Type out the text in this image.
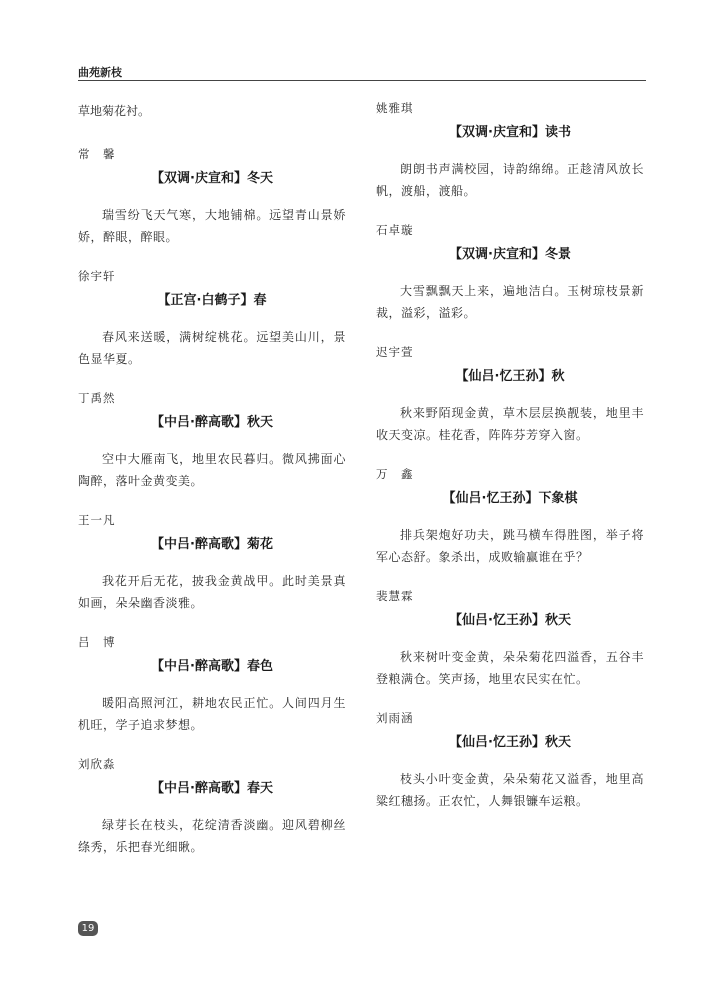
曲苑新枝

草地菊花衬。

常　馨
【双调·庆宣和】冬天

瑞雪纷飞天气寒，大地铺棉。远望青山景娇娇，醉眼，醉眼。

徐宇轩
【正宫·白鹤子】春

春风来送暖，满树绽桃花。远望美山川，景色显华夏。

丁禹然
【中吕·醉高歌】秋天

空中大雁南飞，地里农民暮归。微风拂面心陶醉，落叶金黄变美。

王一凡
【中吕·醉高歌】菊花

我花开后无花，披我金黄战甲。此时美景真如画，朵朵幽香淡雅。

吕　博
【中吕·醉高歌】春色

暖阳高照河江，耕地农民正忙。人间四月生机旺，学子追求梦想。

刘欣淼
【中吕·醉高歌】春天

绿芽长在枝头，花绽清香淡幽。迎风碧柳丝绦秀，乐把春光细瞅。

姚雅琪
【双调·庆宣和】读书

朗朗书声满校园，诗韵绵绵。正趁清风放长帆，渡船，渡船。

石卓璇
【双调·庆宣和】冬景

大雪飘飘天上来，遍地洁白。玉树琼枝景新裁，溢彩，溢彩。

迟宇萱
【仙吕·忆王孙】秋

秋来野陌现金黄，草木层层换靓装，地里丰收天变凉。桂花香，阵阵芬芳穿入窗。

万　鑫
【仙吕·忆王孙】下象棋

排兵架炮好功夫，跳马横车得胜图，举子将军心态舒。象杀出，成败输赢谁在乎？

裴慧霖
【仙吕·忆王孙】秋天

秋来树叶变金黄，朵朵菊花四溢香，五谷丰登粮满仓。笑声扬，地里农民实在忙。

刘雨涵
【仙吕·忆王孙】秋天

枝头小叶变金黄，朵朵菊花又溢香，地里高粱红穗扬。正农忙，人舞银镰车运粮。

19
